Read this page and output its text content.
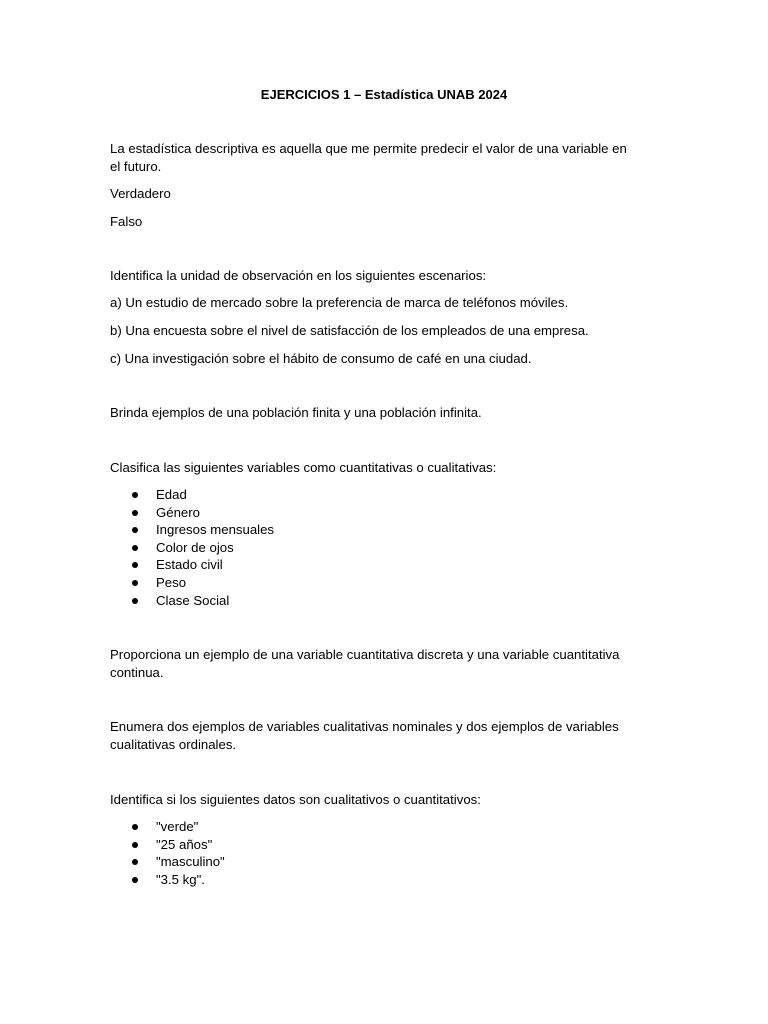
EJERCICIOS 1 – Estadística UNAB 2024
La estadística descriptiva es aquella que me permite predecir el valor de una variable en el futuro.
Verdadero
Falso
Identifica la unidad de observación en los siguientes escenarios:
a) Un estudio de mercado sobre la preferencia de marca de teléfonos móviles.
b) Una encuesta sobre el nivel de satisfacción de los empleados de una empresa.
c) Una investigación sobre el hábito de consumo de café en una ciudad.
Brinda ejemplos de una población finita y una población infinita.
Clasifica las siguientes variables como cuantitativas o cualitativas:
Edad
Género
Ingresos mensuales
Color de ojos
Estado civil
Peso
Clase Social
Proporciona un ejemplo de una variable cuantitativa discreta y una variable cuantitativa continua.
Enumera dos ejemplos de variables cualitativas nominales y dos ejemplos de variables cualitativas ordinales.
Identifica si los siguientes datos son cualitativos o cuantitativos:
"verde"
"25 años"
"masculino"
"3.5 kg".
